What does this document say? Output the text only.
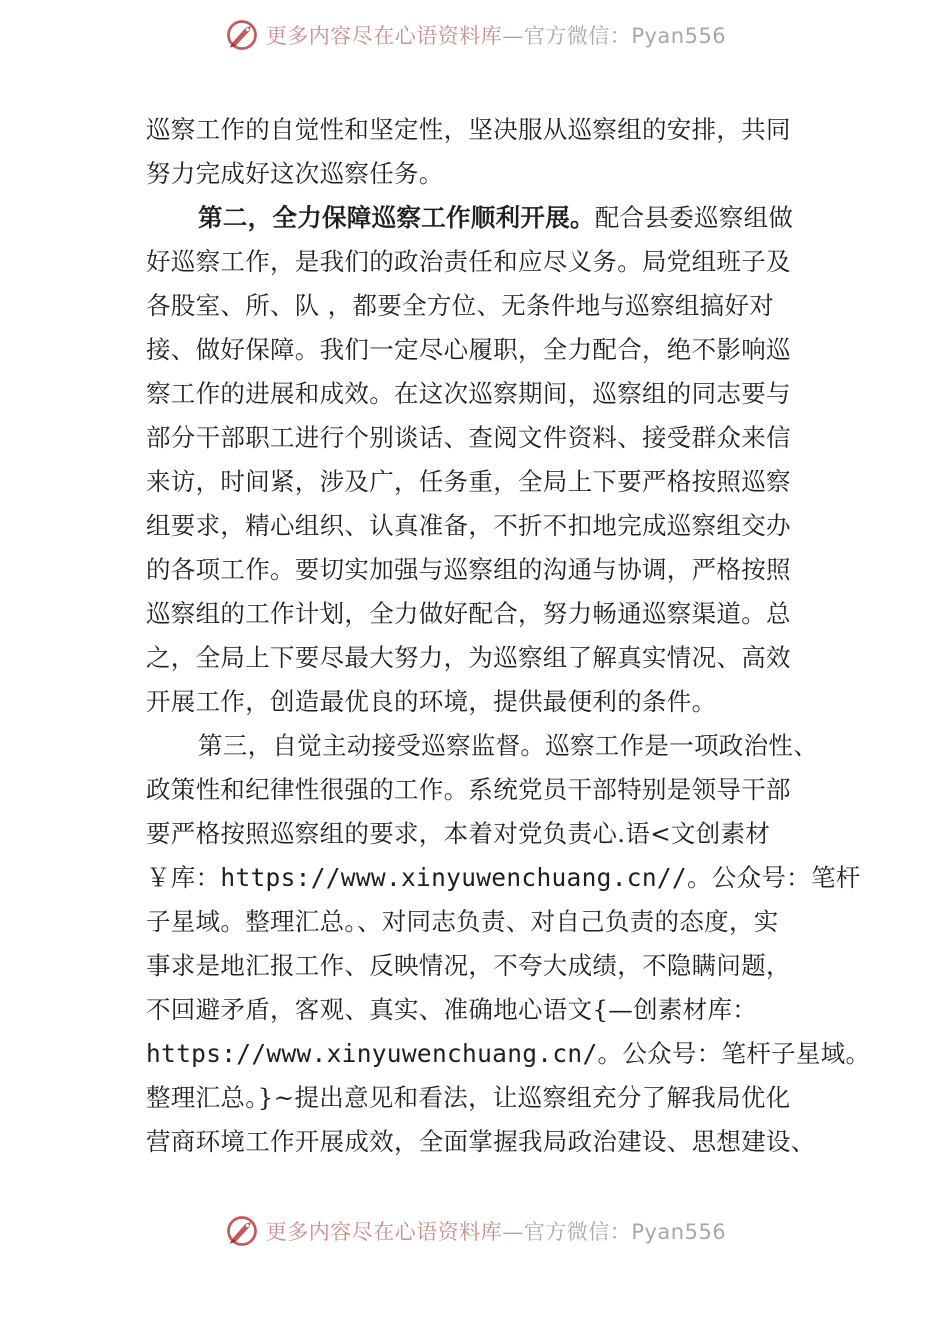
更多内容尽在心语资料库—官方微信：Pyan556
巡察工作的自觉性和坚定性，坚决服从巡察组的安排，共同
努力完成好这次巡察任务。
第二，全力保障巡察工作顺利开展。配合县委巡察组做
好巡察工作，是我们的政治责任和应尽义务。局党组班子及
各股室、所、队 ，都要全方位、无条件地与巡察组搞好对
接、做好保障。我们一定尽心履职，全力配合，绝不影响巡
察工作的进展和成效。在这次巡察期间，巡察组的同志要与
部分干部职工进行个别谈话、查阅文件资料、接受群众来信
来访，时间紧，涉及广，任务重，全局上下要严格按照巡察
组要求，精心组织、认真准备，不折不扣地完成巡察组交办
的各项工作。要切实加强与巡察组的沟通与协调，严格按照
巡察组的工作计划，全力做好配合，努力畅通巡察渠道。总
之，全局上下要尽最大努力，为巡察组了解真实情况、高效
开展工作，创造最优良的环境，提供最便利的条件。
第三，自觉主动接受巡察监督。巡察工作是一项政治性、
政策性和纪律性很强的工作。系统党员干部特别是领导干部
要严格按照巡察组的要求，本着对党负责心.语<文创素材
￥库：https://www.xinyuwenchuang.cn//。公众号：笔杆
子星域。整理汇总。、对同志负责、对自己负责的态度，实
事求是地汇报工作、反映情况，不夸大成绩，不隐瞒问题，
不回避矛盾，客观、真实、准确地心语文{—创素材库：
https://www.xinyuwenchuang.cn/。公众号：笔杆子星域。
整理汇总。}~提出意见和看法，让巡察组充分了解我局优化
营商环境工作开展成效，全面掌握我局政治建设、思想建设、
更多内容尽在心语资料库—官方微信：Pyan556
